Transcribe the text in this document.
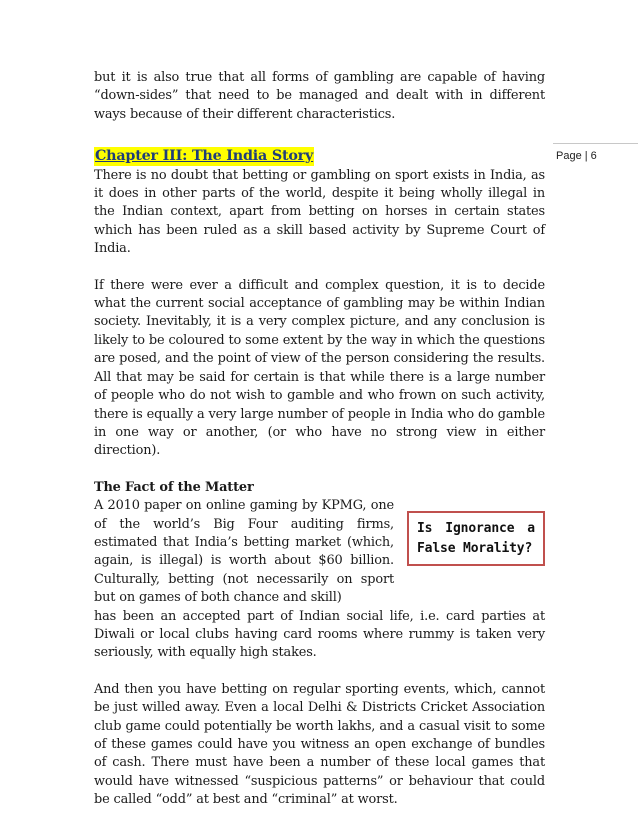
Page | 6

but it is also true that all forms of gambling are capable of having “down-sides” that need to be managed and dealt with in different ways because of their different characteristics.

Chapter III: The India Story

There is no doubt that betting or gambling on sport exists in India, as it does in other parts of the world, despite it being wholly illegal in the Indian context, apart from betting on horses in certain states which has been ruled as a skill based activity by Supreme Court of India.

If there were ever a difficult and complex question, it is to decide what the current social acceptance of gambling may be within Indian society. Inevitably, it is a very complex picture, and any conclusion is likely to be coloured to some extent by the way in which the questions are posed, and the point of view of the person considering the results. All that may be said for certain is that while there is a large number of people who do not wish to gamble and who frown on such activity, there is equally a very large number of people in India who do gamble in one way or another, (or who have no strong view in either direction).

The Fact of the Matter

A 2010 paper on online gaming by KPMG, one of the world’s Big Four auditing firms, estimated that India’s betting market (which, again, is illegal) is worth about $60 billion. Culturally, betting (not necessarily on sport but on games of both chance and skill)

Is Ignorance a False Morality?

has been an accepted part of Indian social life, i.e. card parties at Diwali or local clubs having card rooms where rummy is taken very seriously, with equally high stakes.

And then you have betting on regular sporting events, which, cannot be just willed away. Even a local Delhi & Districts Cricket Association club game could potentially be worth lakhs, and a casual visit to some of these games could have you witness an open exchange of bundles of cash. There must have been a number of these local games that would have witnessed “suspicious patterns” or behaviour that could be called “odd” at best and “criminal” at worst.
